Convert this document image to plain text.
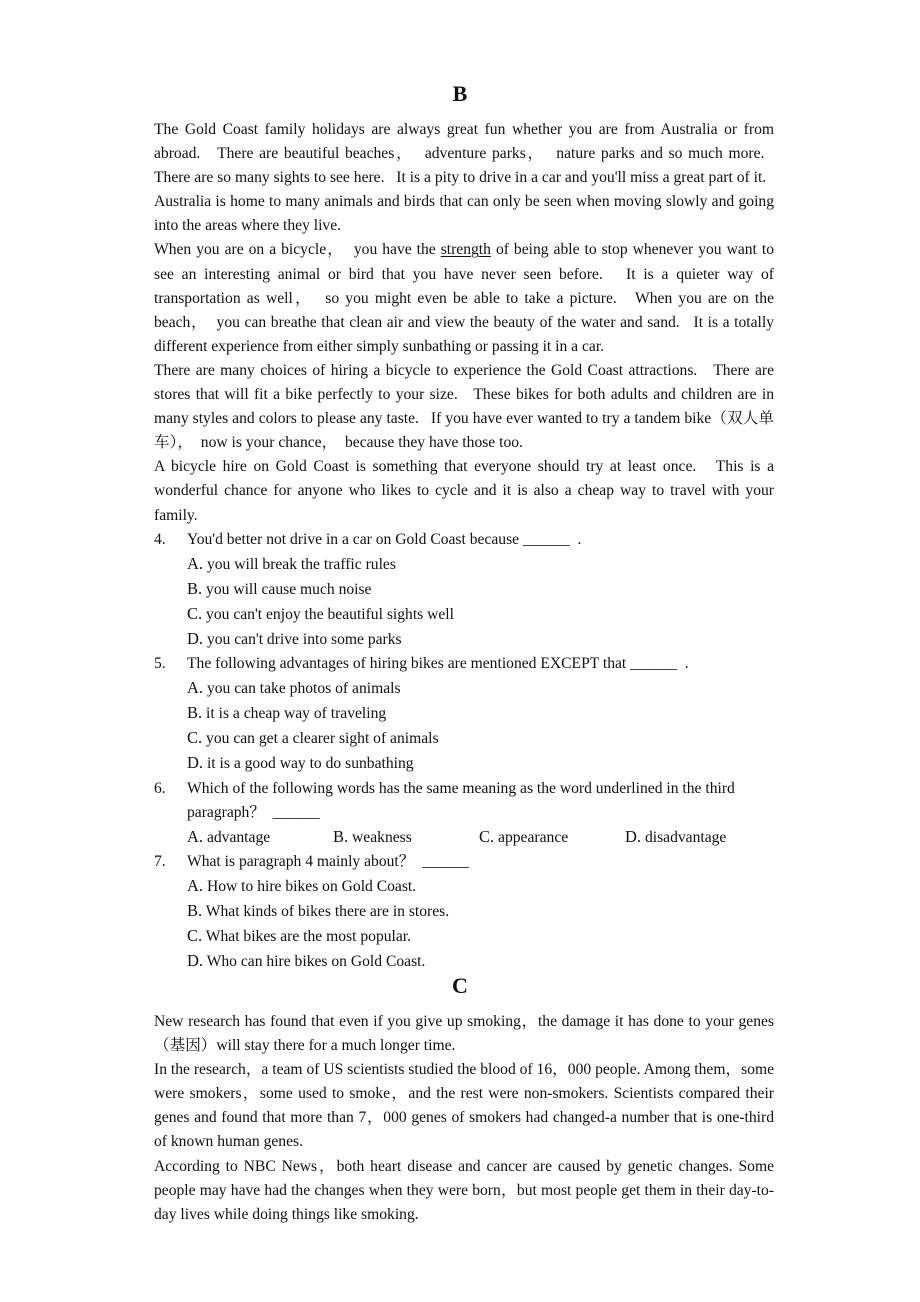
B

The Gold Coast family holidays are always great fun whether you are from Australia or from abroad.   There are beautiful beaches，  adventure parks，  nature parks and so much more.   There are so many sights to see here.   It is a pity to drive in a car and you'll miss a great part of it.   Australia is home to many animals and birds that can only be seen when moving slowly and going into the areas where they live.

When you are on a bicycle，  you have the strength of being able to stop whenever you want to see an interesting animal or bird that you have never seen before.   It is a quieter way of transportation as well，  so you might even be able to take a picture.   When you are on the beach，  you can breathe that clean air and view the beauty of the water and sand.   It is a totally different experience from either simply sunbathing or passing it in a car.

There are many choices of hiring a bicycle to experience the Gold Coast attractions.   There are stores that will fit a bike perfectly to your size.   These bikes for both adults and children are in many styles and colors to please any taste.   If you have ever wanted to try a tandem bike（双人单车），  now is your chance，  because they have those too.

A bicycle hire on Gold Coast is something that everyone should try at least once.   This is a wonderful chance for anyone who likes to cycle and it is also a cheap way to travel with your family.

4.	You'd better not drive in a car on Gold Coast because ______  .
A. you will break the traffic rules
B. you will cause much noise
C. you can't enjoy the beautiful sights well
D. you can't drive into some parks
5.	The following advantages of hiring bikes are mentioned EXCEPT that ______  .
A. you can take photos of animals
B. it is a cheap way of traveling
C. you can get a clearer sight of animals
D. it is a good way to do sunbathing
6.	Which of the following words has the same meaning as the word underlined in the third paragraph？  ______
A. advantage	B. weakness	C. appearance	D. disadvantage
7.	What is paragraph 4 mainly about？  ______
A. How to hire bikes on Gold Coast.
B. What kinds of bikes there are in stores.
C. What bikes are the most popular.
D. Who can hire bikes on Gold Coast.
C

New research has found that even if you give up smoking，the damage it has done to your genes（基因）will stay there for a much longer time.

In the research，a team of US scientists studied the blood of 16，000 people. Among them，some were smokers，some used to smoke，and the rest were non-smokers. Scientists compared their genes and found that more than 7，000 genes of smokers had changed-a number that is one-third of known human genes.

According to NBC News，both heart disease and cancer are caused by genetic changes. Some people may have had the changes when they were born，but most people get them in their day-to-day lives while doing things like smoking.
